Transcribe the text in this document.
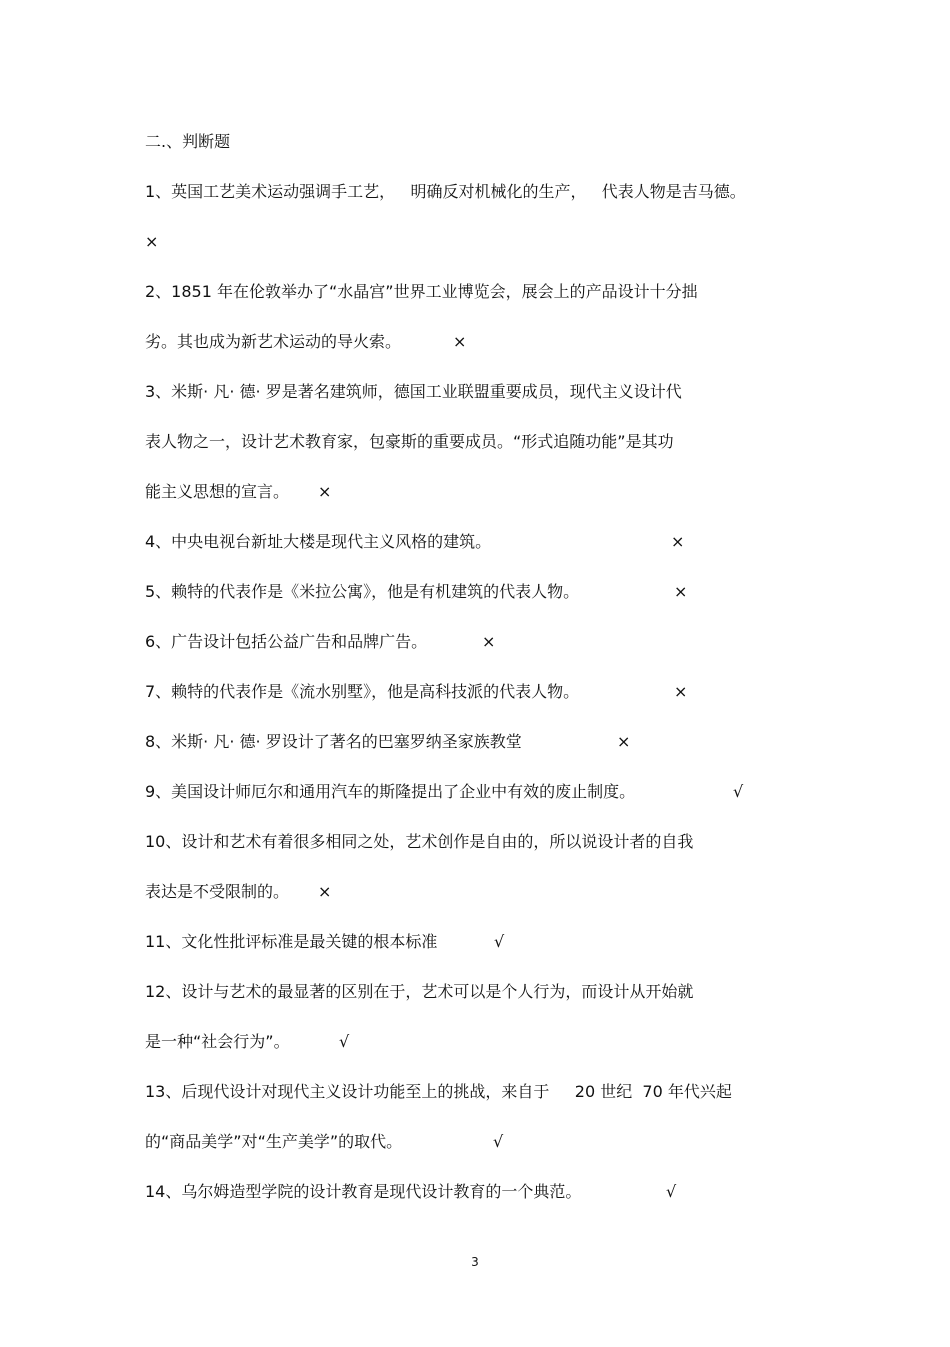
二.、判断题

1、英国工艺美术运动强调手工艺，   明确反对机械化的生产，   代表人物是吉马德。

×

2、1851 年在伦敦举办了“水晶宫”世界工业博览会，展会上的产品设计十分拙

劣。其也成为新艺术运动的导火索。	×

3、米斯· 凡· 德· 罗是著名建筑师，德国工业联盟重要成员，现代主义设计代

表人物之一，设计艺术教育家，包豪斯的重要成员。“形式追随功能”是其功

能主义思想的宣言。 ×

4、中央电视台新址大楼是现代主义风格的建筑。	×

5、赖特的代表作是《米拉公寓》，他是有机建筑的代表人物。	×

6、广告设计包括公益广告和品牌广告。	×

7、赖特的代表作是《流水别墅》，他是高科技派的代表人物。	×

8、米斯· 凡· 德· 罗设计了著名的巴塞罗纳圣家族教堂	×

9、美国设计师厄尔和通用汽车的斯隆提出了企业中有效的废止制度。	√

10、设计和艺术有着很多相同之处，艺术创作是自由的，所以说设计者的自我

表达是不受限制的。 ×

11、文化性批评标准是最关键的根本标准	√

12、设计与艺术的最显著的区别在于，艺术可以是个人行为，而设计从开始就

是一种“社会行为”。	√

13、后现代设计对现代主义设计功能至上的挑战，来自于     20 世纪  70 年代兴起

的“商品美学”对“生产美学”的取代。	√

14、乌尔姆造型学院的设计教育是现代设计教育的一个典范。	√
3
